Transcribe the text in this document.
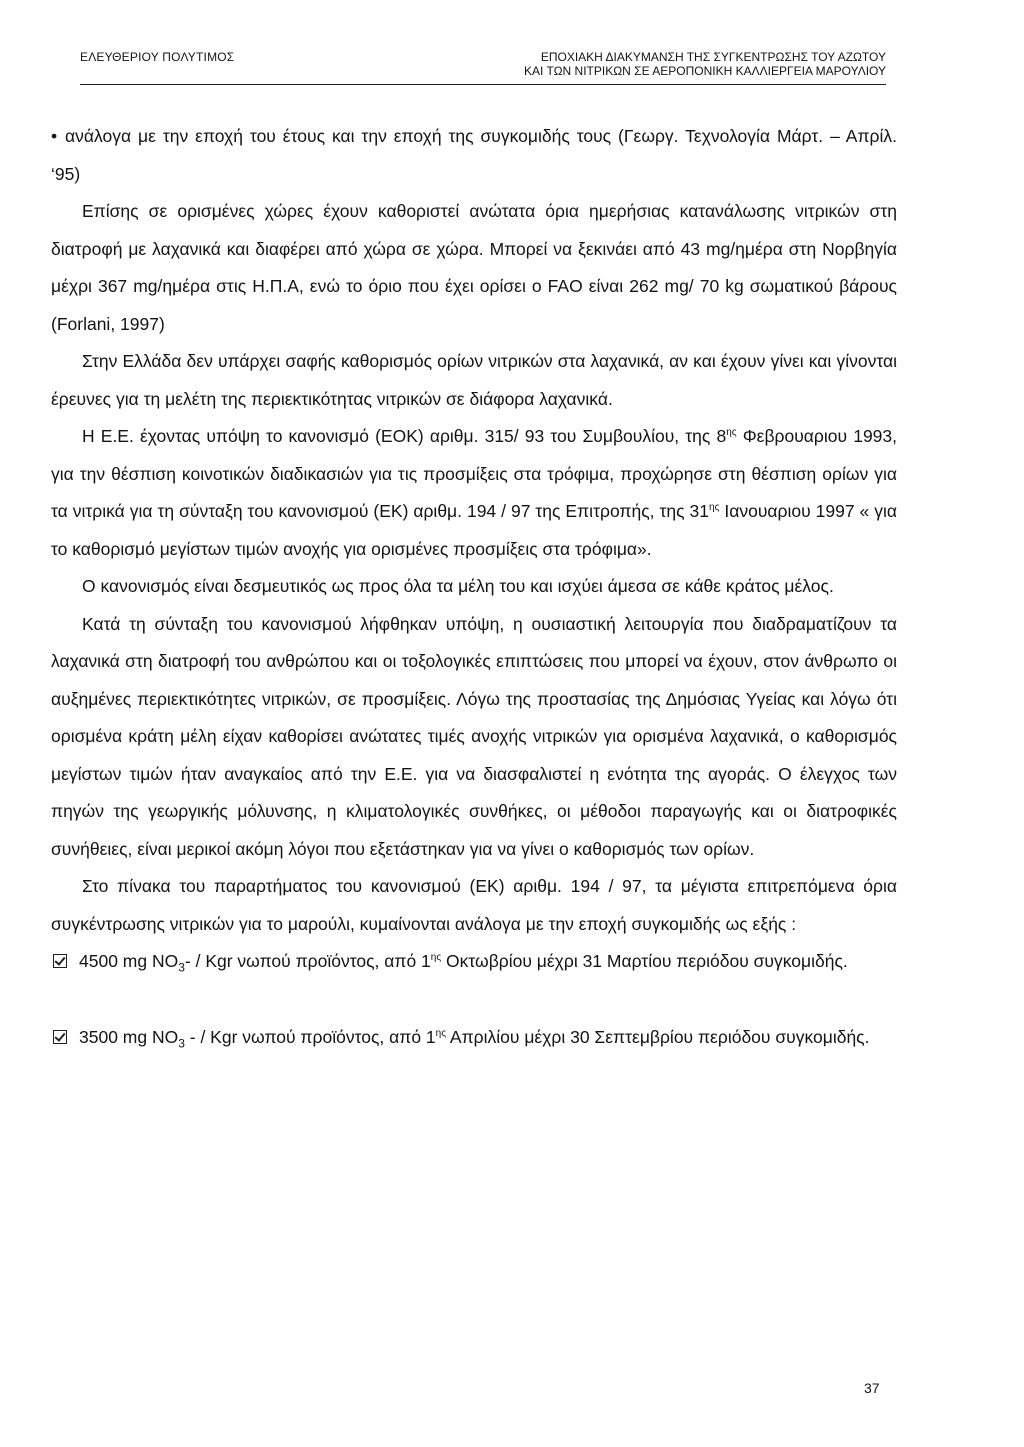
ΕΛΕΥΘΕΡΙΟΥ ΠΟΛΥΤΙΜΟΣ	ΕΠΟΧΙΑΚΗ ΔΙΑΚΥΜΑΝΣΗ ΤΗΣ ΣΥΓΚΕΝΤΡΩΣΗΣ ΤΟΥ ΑΖΩΤΟΥ
ΚΑΙ ΤΩΝ ΝΙΤΡΙΚΩΝ ΣΕ ΑΕΡΟΠΟΝΙΚΗ ΚΑΛΛΙΕΡΓΕΙΑ ΜΑΡΟΥΛΙΟΥ

• ανάλογα με την εποχή του έτους και την εποχή της συγκομιδής τους (Γεωργ. Τεχνολογία Μάρτ. – Απρίλ. ‘95)

Επίσης σε ορισμένες χώρες έχουν καθοριστεί ανώτατα όρια ημερήσιας κατανάλωσης νιτρικών στη διατροφή με λαχανικά και διαφέρει από χώρα σε χώρα. Μπορεί να ξεκινάει από 43 mg/ημέρα στη Νορβηγία μέχρι 367 mg/ημέρα στις Η.Π.Α, ενώ το όριο που έχει ορίσει ο FAO είναι 262 mg/ 70 kg σωματικού βάρους (Forlani, 1997)

Στην Ελλάδα δεν υπάρχει σαφής καθορισμός ορίων νιτρικών στα λαχανικά, αν και έχουν γίνει και γίνονται έρευνες για τη μελέτη της περιεκτικότητας νιτρικών σε διάφορα λαχανικά.

Η Ε.Ε. έχοντας υπόψη το κανονισμό (ΕΟΚ) αριθμ. 315/ 93 του Συμβουλίου, της $8^{\eta\varsigma}$ Φεβρουαριου 1993, για την θέσπιση κοινοτικών διαδικασιών για τις προσμίξεις στα τρόφιμα, προχώρησε στη θέσπιση ορίων για τα νιτρικά για τη σύνταξη του κανονισμού (ΕΚ) αριθμ. 194 / 97 της Επιτροπής, της $31^{\eta\varsigma}$ Ιανουαριου 1997 « για το καθορισμό μεγίστων τιμών ανοχής για ορισμένες προσμίξεις στα τρόφιμα».

Ο κανονισμός είναι δεσμευτικός ως προς όλα τα μέλη του και ισχύει άμεσα σε κάθε κράτος μέλος.

Κατά τη σύνταξη του κανονισμού λήφθηκαν υπόψη, η ουσιαστική λειτουργία που διαδραματίζουν τα λαχανικά στη διατροφή του ανθρώπου και οι τοξολογικές επιπτώσεις που μπορεί να έχουν, στον άνθρωπο οι αυξημένες περιεκτικότητες νιτρικών, σε προσμίξεις. Λόγω της προστασίας της Δημόσιας Υγείας και λόγω ότι ορισμένα κράτη μέλη είχαν καθορίσει ανώτατες τιμές ανοχής νιτρικών για ορισμένα λαχανικά, ο καθορισμός μεγίστων τιμών ήταν αναγκαίος από την Ε.Ε. για να διασφαλιστεί η ενότητα της αγοράς. Ο έλεγχος των πηγών της γεωργικής μόλυνσης, η κλιματολογικές συνθήκες, οι μέθοδοι παραγωγής και οι διατροφικές συνήθειες, είναι μερικοί ακόμη λόγοι που εξετάστηκαν για να γίνει ο καθορισμός των ορίων.

Στο πίνακα του παραρτήματος του κανονισμού (ΕΚ) αριθμ. 194 / 97, τα μέγιστα επιτρεπόμενα όρια συγκέντρωσης νιτρικών για το μαρούλι, κυμαίνονται ανάλογα με την εποχή συγκομιδής ως εξής :

4500 mg $NO_3-$ / Kgr νωπού προϊόντος, από $1^{\eta\varsigma}$ Οκτωβρίου μέχρι 31 Μαρτίου περιόδου συγκομιδής.

3500 mg $NO_3$ - / Kgr νωπού προϊόντος, από $1^{\eta\varsigma}$ Απριλίου μέχρι 30 Σεπτεμβρίου περιόδου συγκομιδής.

37
